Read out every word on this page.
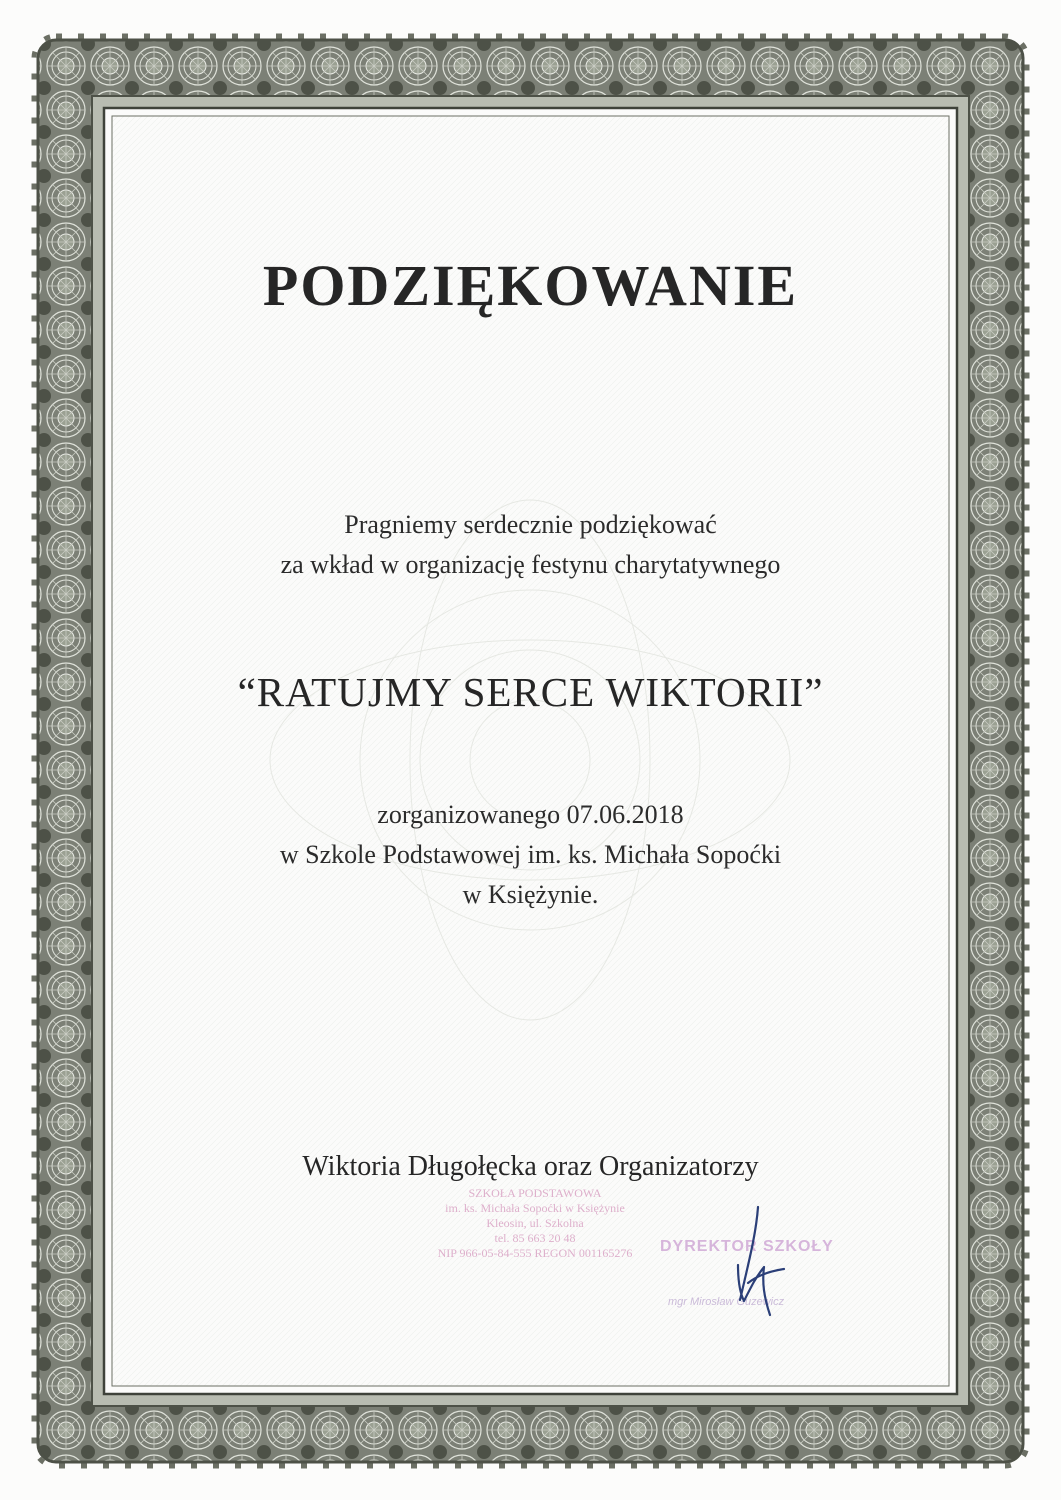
PODZIĘKOWANIE
Pragniemy serdecznie podziękować
za wkład w organizację festynu charytatywnego
“RATUJMY SERCE WIKTORII”
zorganizowanego 07.06.2018
w Szkole Podstawowej im. ks. Michała Sopoćki
w Księżynie.
Wiktoria Długołęcka oraz Organizatorzy
SZKOŁA PODSTAWOWA
im. ks. Michała Sopoćki w Księżynie
Kleosin, ul. Szkolna
tel. 85 663 20 48
NIP 966-05-84-555 REGON 001165276	DYREKTOR SZKOŁY
mgr Mirosław Guzewicz
